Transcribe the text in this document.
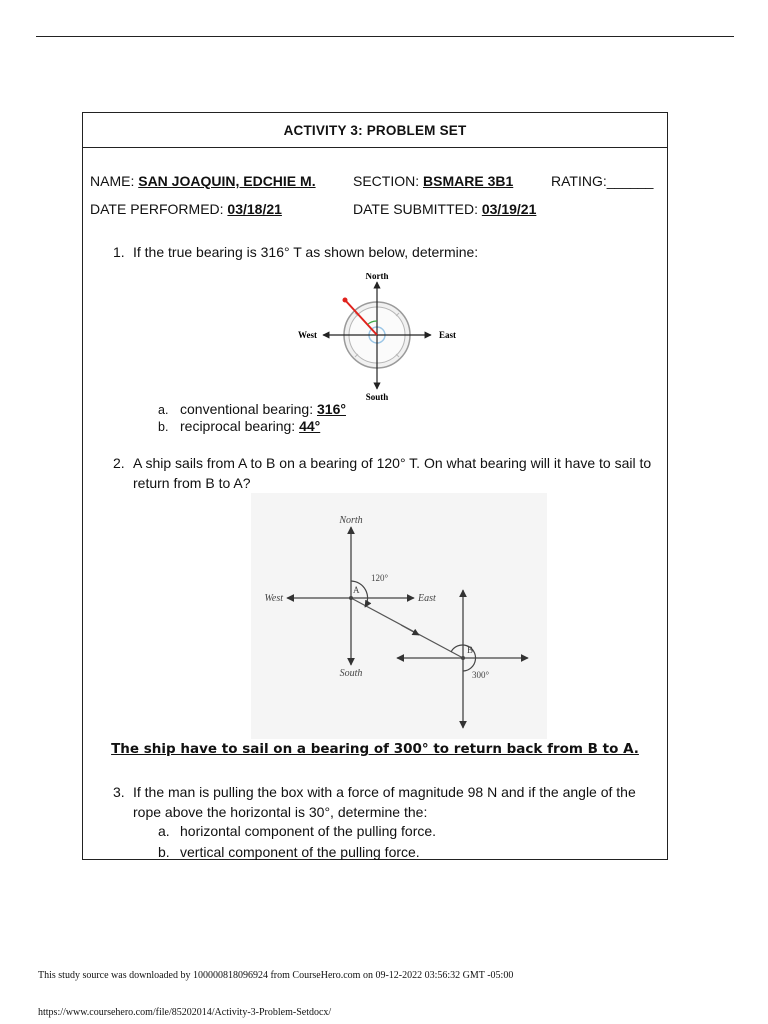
ACTIVITY 3: PROBLEM SET
NAME: SAN JOAQUIN, EDCHIE M.	SECTION: BSMARE 3B1	RATING:______
DATE PERFORMED: 03/18/21	DATE SUBMITTED: 03/19/21
1. If the true bearing is 316° T as shown below, determine:
North
South
East
West
a. conventional bearing: 316°
b. reciprocal bearing: 44°
2. A ship sails from A to B on a bearing of 120° T. On what bearing will it have to sail to return from B to A?
North
South
East
West
A
B
120°
300°
The ship have to sail on a bearing of 300° to return back from B to A.
3. If the man is pulling the box with a force of magnitude 98 N and if the angle of the rope above the horizontal is 30°, determine the:
a. horizontal component of the pulling force.
b. vertical component of the pulling force.
This study source was downloaded by 100000818096924 from CourseHero.com on 09-12-2022 03:56:32 GMT -05:00
https://www.coursehero.com/file/85202014/Activity-3-Problem-Setdocx/
